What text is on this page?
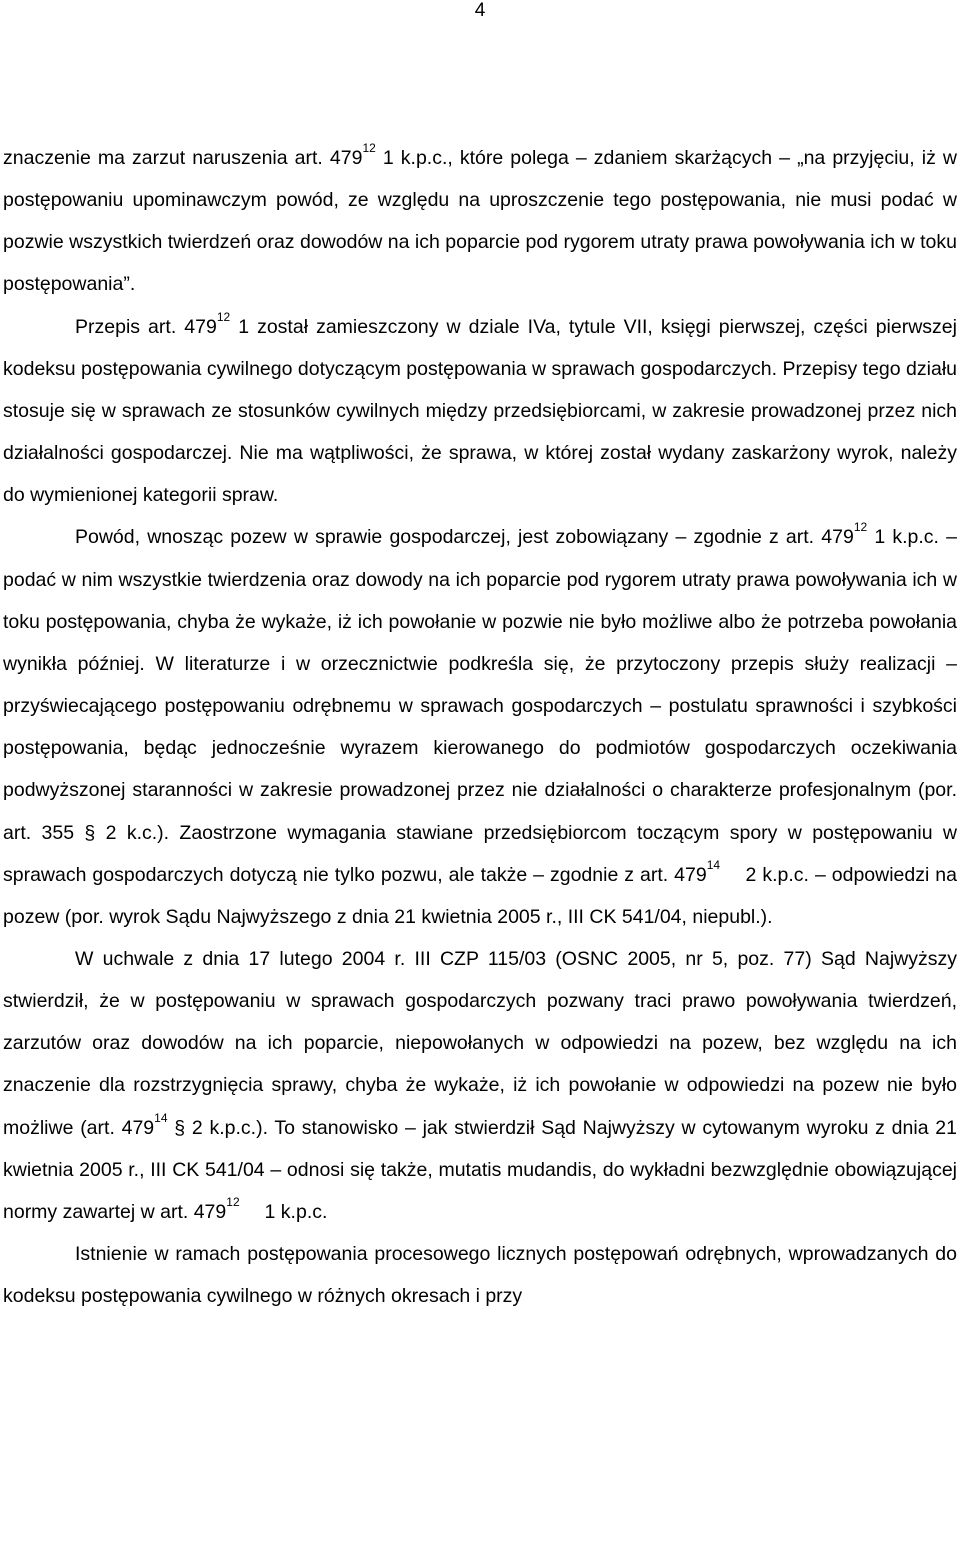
4

znaczenie ma zarzut naruszenia art. $479^{12}$ 1 k.p.c., które polega – zdaniem skarżących – „na przyjęciu, iż w postępowaniu upominawczym powód, ze względu na uproszczenie tego postępowania, nie musi podać w pozwie wszystkich twierdzeń oraz dowodów na ich poparcie pod rygorem utraty prawa powoływania ich w toku postępowania”.

Przepis art. $479^{12}$ 1 został zamieszczony w dziale IVa, tytule VII, księgi pierwszej, części pierwszej kodeksu postępowania cywilnego dotyczącym postępowania w sprawach gospodarczych. Przepisy tego działu stosuje się w sprawach ze stosunków cywilnych między przedsiębiorcami, w zakresie prowadzonej przez nich działalności gospodarczej. Nie ma wątpliwości, że sprawa, w której został wydany zaskarżony wyrok, należy do wymienionej kategorii spraw.

Powód, wnosząc pozew w sprawie gospodarczej, jest zobowiązany – zgodnie z art. $479^{12}$ 1 k.p.c. – podać w nim wszystkie twierdzenia oraz dowody na ich poparcie pod rygorem utraty prawa powoływania ich w toku postępowania, chyba że wykaże, iż ich powołanie w pozwie nie było możliwe albo że potrzeba powołania wynikła później. W literaturze i w orzecznictwie podkreśla się, że przytoczony przepis służy realizacji – przyświecającego postępowaniu odrębnemu w sprawach gospodarczych – postulatu sprawności i szybkości postępowania, będąc jednocześnie wyrazem kierowanego do podmiotów gospodarczych oczekiwania podwyższonej staranności w zakresie prowadzonej przez nie działalności o charakterze profesjonalnym (por. art. 355 § 2 k.c.). Zaostrzone wymagania stawiane przedsiębiorcom toczącym spory w postępowaniu w sprawach gospodarczych dotyczą nie tylko pozwu, ale także – zgodnie z art. $479^{14}$  2 k.p.c. – odpowiedzi na pozew (por. wyrok Sądu Najwyższego z dnia 21 kwietnia 2005 r., III CK 541/04, niepubl.).

W uchwale z dnia 17 lutego 2004 r. III CZP 115/03 (OSNC 2005, nr 5, poz. 77) Sąd Najwyższy stwierdził, że w postępowaniu w sprawach gospodarczych pozwany traci prawo powoływania twierdzeń, zarzutów oraz dowodów na ich poparcie, niepowołanych w odpowiedzi na pozew, bez względu na ich znaczenie dla rozstrzygnięcia sprawy, chyba że wykaże, iż ich powołanie w odpowiedzi na pozew nie było możliwe (art. $479^{14}$ § 2 k.p.c.). To stanowisko – jak stwierdził Sąd Najwyższy w cytowanym wyroku z dnia 21 kwietnia 2005 r., III CK 541/04 – odnosi się także, mutatis mudandis, do wykładni bezwzględnie obowiązującej normy zawartej w art. $479^{12}$  1 k.p.c.

Istnienie w ramach postępowania procesowego licznych postępowań odrębnych, wprowadzanych do kodeksu postępowania cywilnego w różnych okresach i przy
